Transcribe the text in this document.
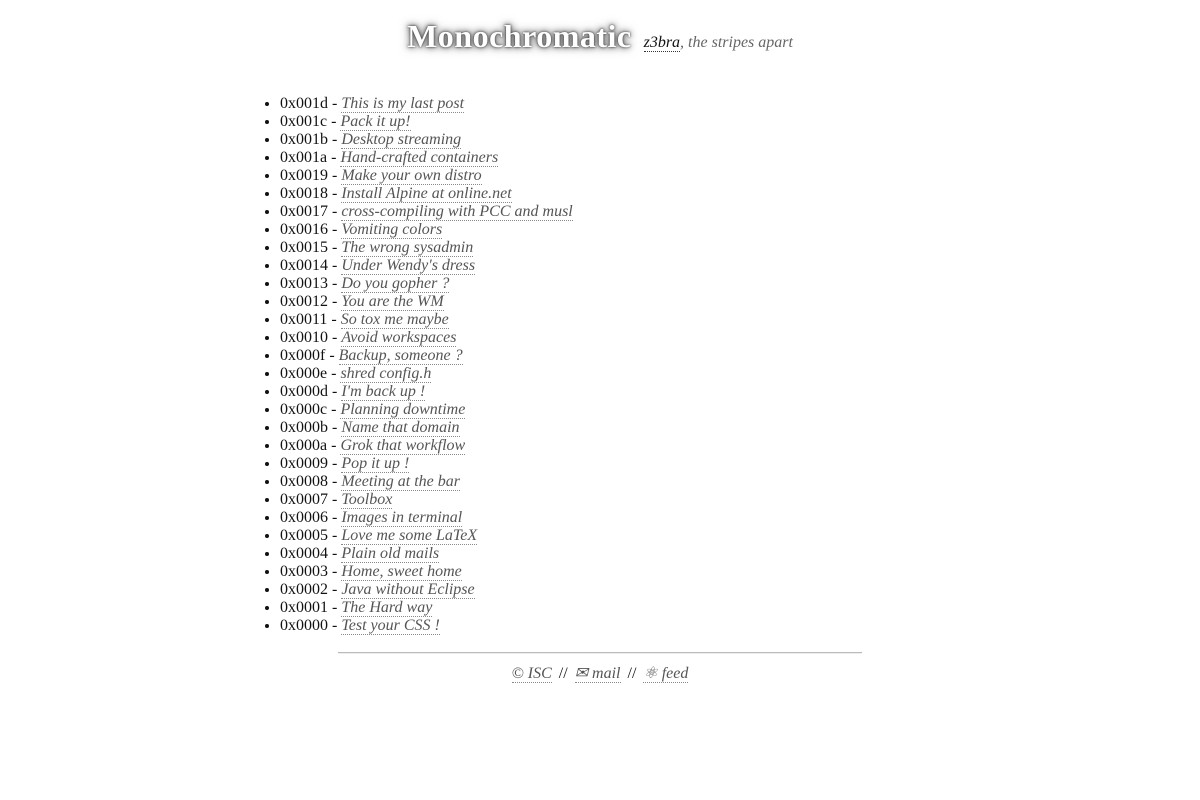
Monochromatic z3bra, the stripes apart
• 0x001d - This is my last post
• 0x001c - Pack it up!
• 0x001b - Desktop streaming
• 0x001a - Hand-crafted containers
• 0x0019 - Make your own distro
• 0x0018 - Install Alpine at online.net
• 0x0017 - cross-compiling with PCC and musl
• 0x0016 - Vomiting colors
• 0x0015 - The wrong sysadmin
• 0x0014 - Under Wendy's dress
• 0x0013 - Do you gopher ?
• 0x0012 - You are the WM
• 0x0011 - So tox me maybe
• 0x0010 - Avoid workspaces
• 0x000f - Backup, someone ?
• 0x000e - shred config.h
• 0x000d - I'm back up !
• 0x000c - Planning downtime
• 0x000b - Name that domain
• 0x000a - Grok that workflow
• 0x0009 - Pop it up !
• 0x0008 - Meeting at the bar
• 0x0007 - Toolbox
• 0x0006 - Images in terminal
• 0x0005 - Love me some LaTeX
• 0x0004 - Plain old mails
• 0x0003 - Home, sweet home
• 0x0002 - Java without Eclipse
• 0x0001 - The Hard way
• 0x0000 - Test your CSS !
© ISC // ✉ mail // ⚛ feed
